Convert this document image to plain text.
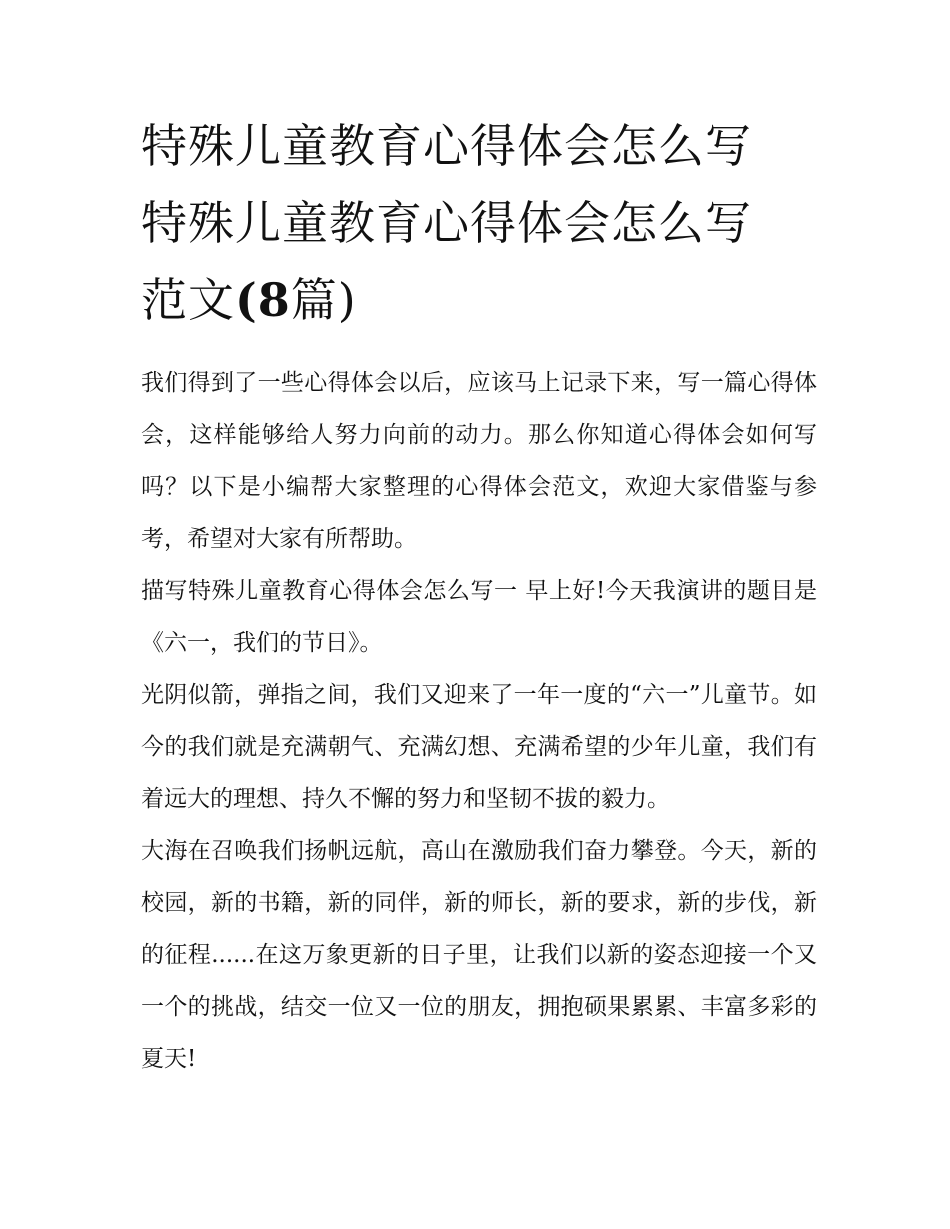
特殊儿童教育心得体会怎么写
特殊儿童教育心得体会怎么写
范文(8篇)

我们得到了一些心得体会以后，应该马上记录下来，写一篇心得体会，这样能够给人努力向前的动力。那么你知道心得体会如何写吗？以下是小编帮大家整理的心得体会范文，欢迎大家借鉴与参考，希望对大家有所帮助。

描写特殊儿童教育心得体会怎么写一 早上好!今天我演讲的题目是《六一，我们的节日》。

光阴似箭，弹指之间，我们又迎来了一年一度的“六一”儿童节。如今的我们就是充满朝气、充满幻想、充满希望的少年儿童，我们有着远大的理想、持久不懈的努力和坚韧不拔的毅力。

大海在召唤我们扬帆远航，高山在激励我们奋力攀登。今天，新的校园，新的书籍，新的同伴，新的师长，新的要求，新的步伐，新的征程......在这万象更新的日子里，让我们以新的姿态迎接一个又一个的挑战，结交一位又一位的朋友，拥抱硕果累累、丰富多彩的夏天!
